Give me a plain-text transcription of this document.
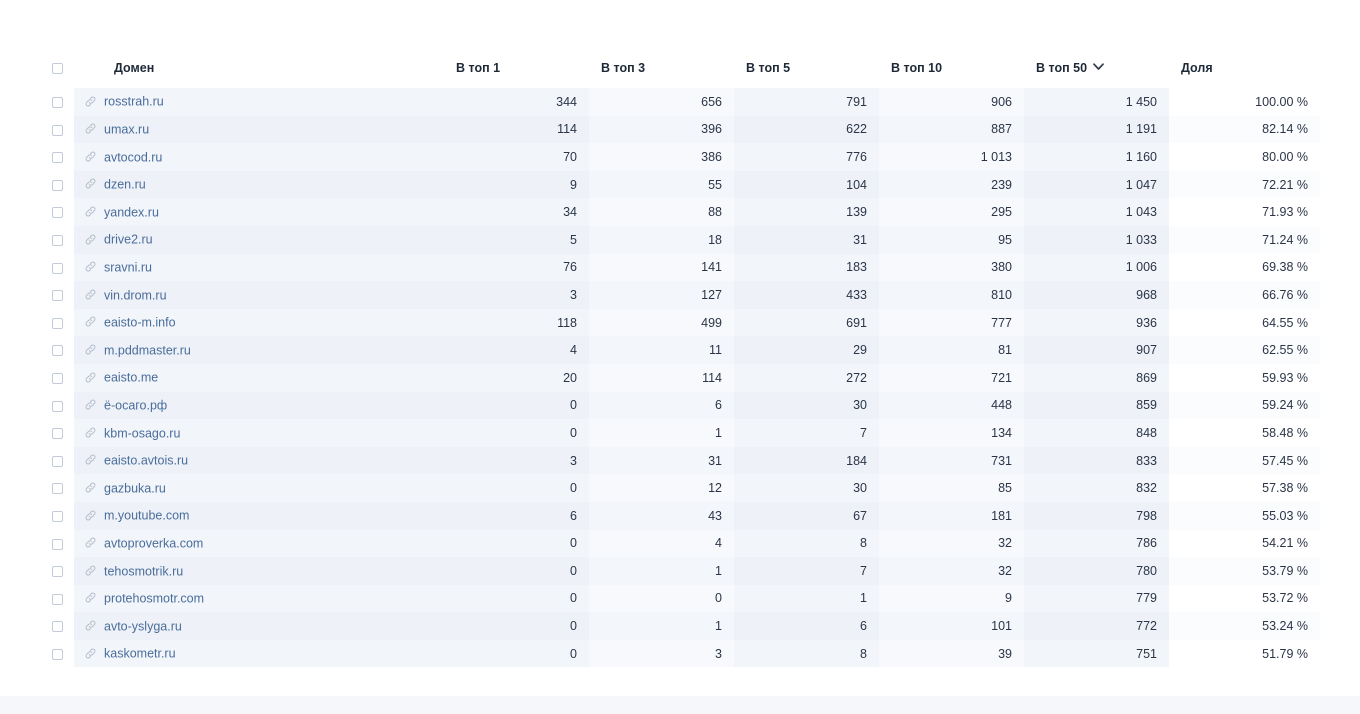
	Домен	В топ 1	В топ 3	В топ 5	В топ 10	В топ 50	Доля
	rosstrah.ru	344	656	791	906	1 450	100.00 %
	umax.ru	114	396	622	887	1 191	82.14 %
	avtocod.ru	70	386	776	1 013	1 160	80.00 %
	dzen.ru	9	55	104	239	1 047	72.21 %
	yandex.ru	34	88	139	295	1 043	71.93 %
	drive2.ru	5	18	31	95	1 033	71.24 %
	sravni.ru	76	141	183	380	1 006	69.38 %
	vin.drom.ru	3	127	433	810	968	66.76 %
	eaisto-m.info	118	499	691	777	936	64.55 %
	m.pddmaster.ru	4	11	29	81	907	62.55 %
	eaisto.me	20	114	272	721	869	59.93 %
	ё-осаго.рф	0	6	30	448	859	59.24 %
	kbm-osago.ru	0	1	7	134	848	58.48 %
	eaisto.avtois.ru	3	31	184	731	833	57.45 %
	gazbuka.ru	0	12	30	85	832	57.38 %
	m.youtube.com	6	43	67	181	798	55.03 %
	avtoproverka.com	0	4	8	32	786	54.21 %
	tehosmotrik.ru	0	1	7	32	780	53.79 %
	protehosmotr.com	0	0	1	9	779	53.72 %
	avto-yslyga.ru	0	1	6	101	772	53.24 %
	kaskometr.ru	0	3	8	39	751	51.79 %
